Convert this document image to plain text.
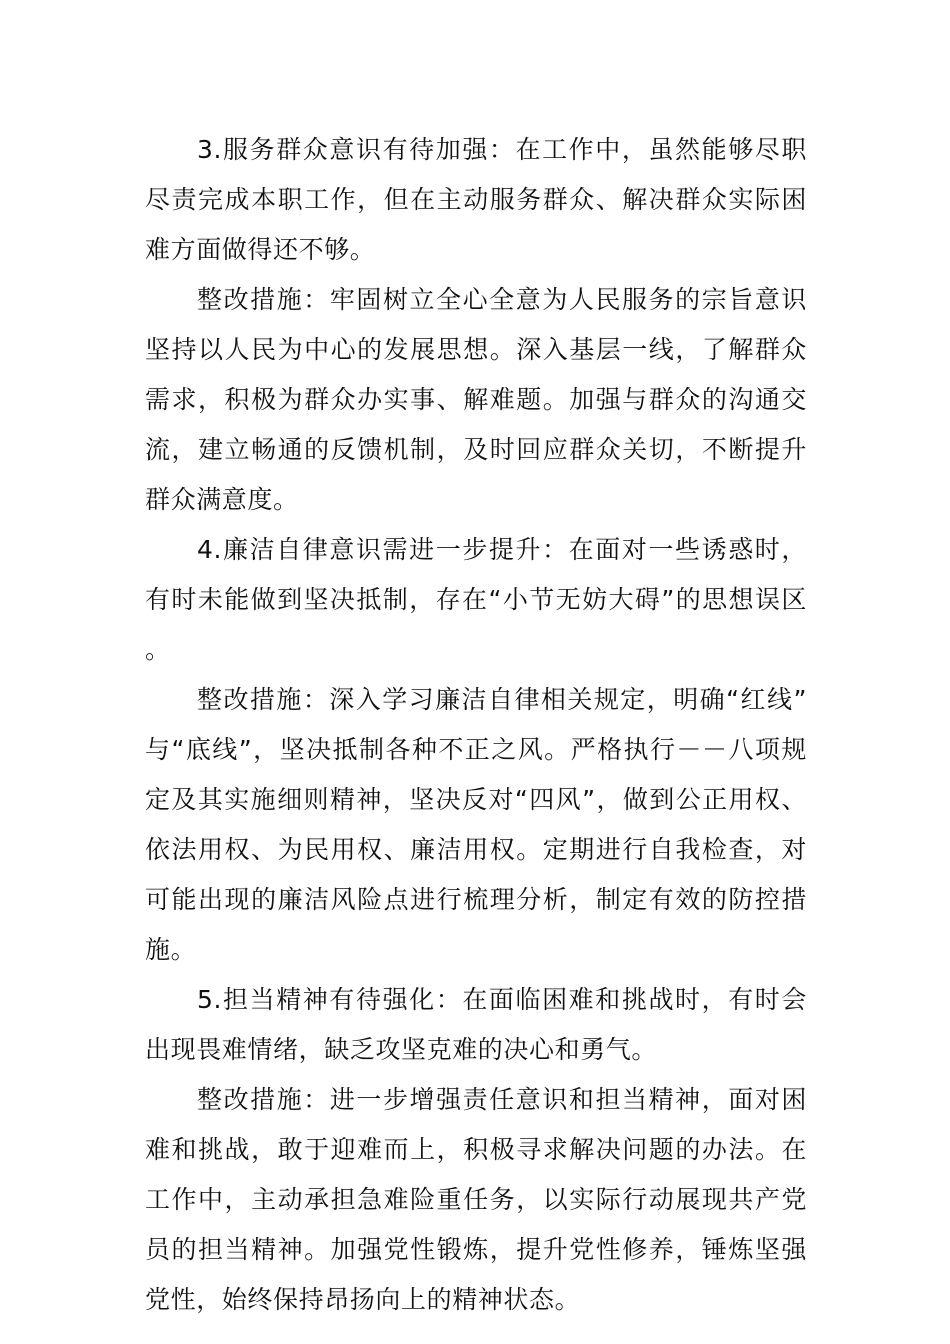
3.服务群众意识有待加强：在工作中，虽然能够尽职尽责完成本职工作，但在主动服务群众、解决群众实际困难方面做得还不够。

整改措施：牢固树立全心全意为人民服务的宗旨意识坚持以人民为中心的发展思想。深入基层一线，了解群众需求，积极为群众办实事、解难题。加强与群众的沟通交流，建立畅通的反馈机制，及时回应群众关切，不断提升群众满意度。

4.廉洁自律意识需进一步提升：在面对一些诱惑时，有时未能做到坚决抵制，存在“小节无妨大碍”的思想误区。

整改措施：深入学习廉洁自律相关规定，明确“红线”与“底线”，坚决抵制各种不正之风。严格执行－－八项规定及其实施细则精神，坚决反对“四风”，做到公正用权、依法用权、为民用权、廉洁用权。定期进行自我检查，对可能出现的廉洁风险点进行梳理分析，制定有效的防控措施。

5.担当精神有待强化：在面临困难和挑战时，有时会出现畏难情绪，缺乏攻坚克难的决心和勇气。

整改措施：进一步增强责任意识和担当精神，面对困难和挑战，敢于迎难而上，积极寻求解决问题的办法。在工作中，主动承担急难险重任务，以实际行动展现共产党员的担当精神。加强党性锻炼，提升党性修养，锤炼坚强党性，始终保持昂扬向上的精神状态。
